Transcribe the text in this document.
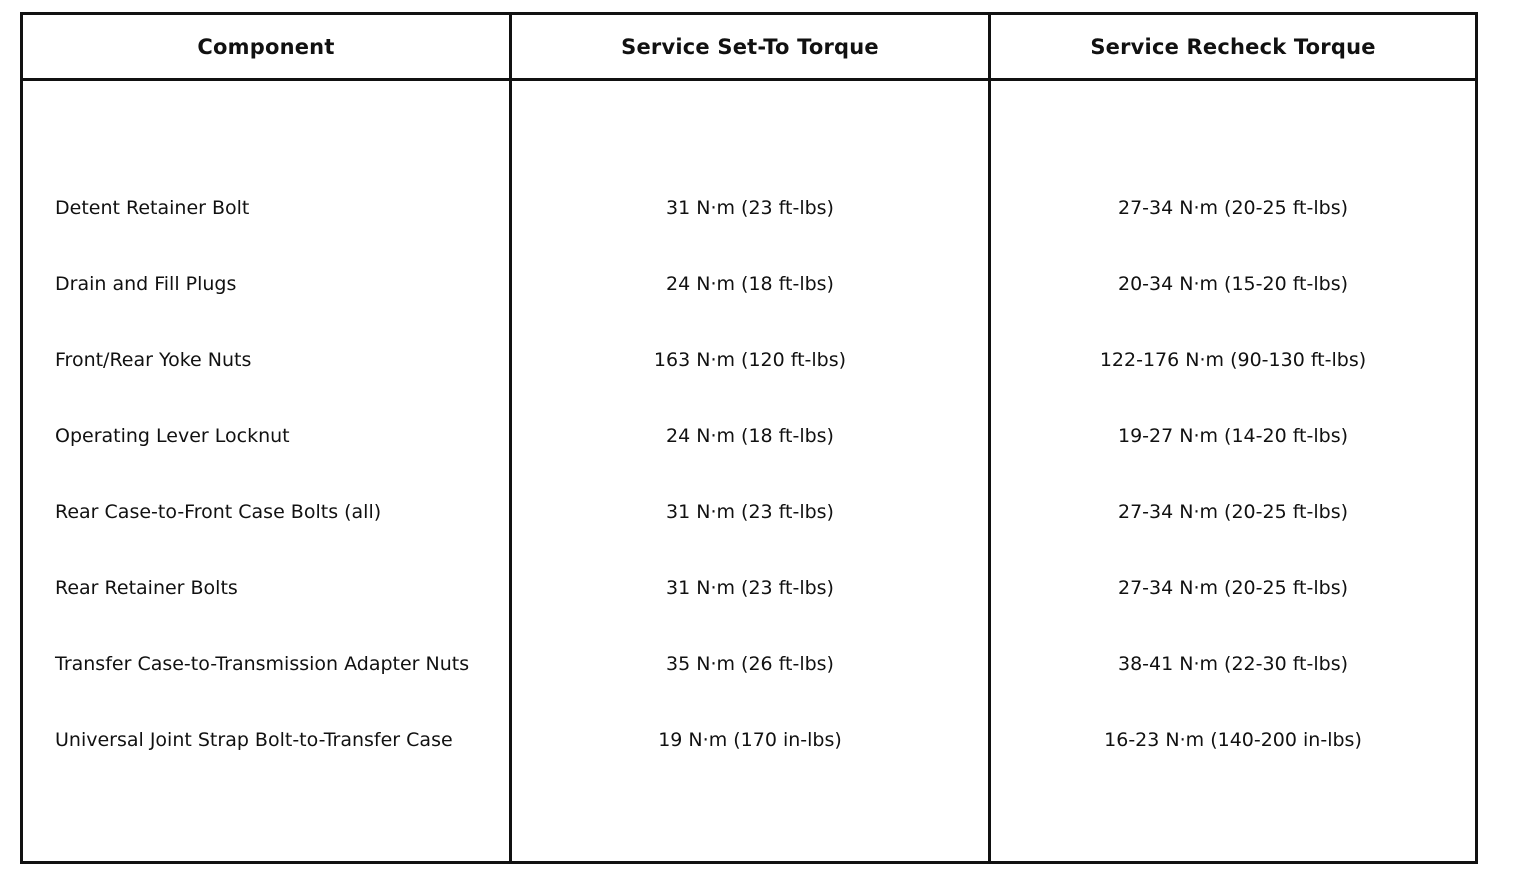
Component	Service Set-To Torque	Service Recheck Torque
Detent Retainer Bolt	31 N·m (23 ft-lbs)	27-34 N·m (20-25 ft-lbs)
Drain and Fill Plugs	24 N·m (18 ft-lbs)	20-34 N·m (15-20 ft-lbs)
Front/Rear Yoke Nuts	163 N·m (120 ft-lbs)	122-176 N·m (90-130 ft-lbs)
Operating Lever Locknut	24 N·m (18 ft-lbs)	19-27 N·m (14-20 ft-lbs)
Rear Case-to-Front Case Bolts (all)	31 N·m (23 ft-lbs)	27-34 N·m (20-25 ft-lbs)
Rear Retainer Bolts	31 N·m (23 ft-lbs)	27-34 N·m (20-25 ft-lbs)
Transfer Case-to-Transmission Adapter Nuts	35 N·m (26 ft-lbs)	38-41 N·m (22-30 ft-lbs)
Universal Joint Strap Bolt-to-Transfer Case	19 N·m (170 in-lbs)	16-23 N·m (140-200 in-lbs)
